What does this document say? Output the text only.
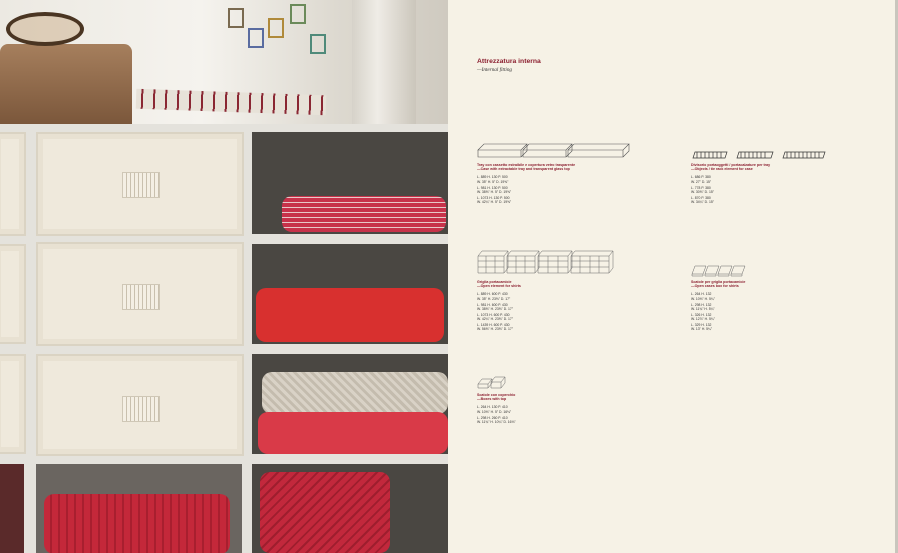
Attrezzatura interna
—Internal fitting
Tray con cassetto estraibile e copertura vetro trasparente
—Case with extractable tray and transparent glass top
L. 889 H. 130 P. 500
W. 35" H. 5" D. 19⅝"
L. 981 H. 130 P. 500
W. 38⅝" H. 5" D. 19⅝"
L. 1073 H. 130 P. 500
W. 42¼" H. 5" D. 19⅝"
Divisorio portaoggetti / portacalzature per tray
—Objects / tie rack element for case
L. 686 P. 380
W. 27" D. 15"
L. 778 P. 380
W. 30⅝" D. 15"
L. 870 P. 380
W. 34¼" D. 15"
Griglia portacamicie
—Open element for shirts
L. 889 H. 600 P. 430
W. 35" H. 23⅝" D. 17"
L. 981 H. 600 P. 430
W. 38⅝" H. 23⅝" D. 17"
L. 1073 H. 600 P. 430
W. 42¼" H. 23⅝" D. 17"
L. 1439 H. 600 P. 430
W. 56⅝" H. 23⅝" D. 17"
Scatole per griglia portacamicie
—Open cases box for shirts
L. 264 H. 132
W. 10⅜" H. 5¼"
L. 298 H. 132
W. 11¾" H. 5¼"
L. 326 H. 132
W. 12⅞" H. 5¼"
L. 329 H. 132
W. 13" H. 5¼"
Scatole con coperchio
—Boxes with top
L. 264 H. 130 P. 410
W. 10⅜" H. 5" D. 16⅛"
L. 298 H. 260 P. 410
W. 11¾" H. 10¼" D. 16⅛"
